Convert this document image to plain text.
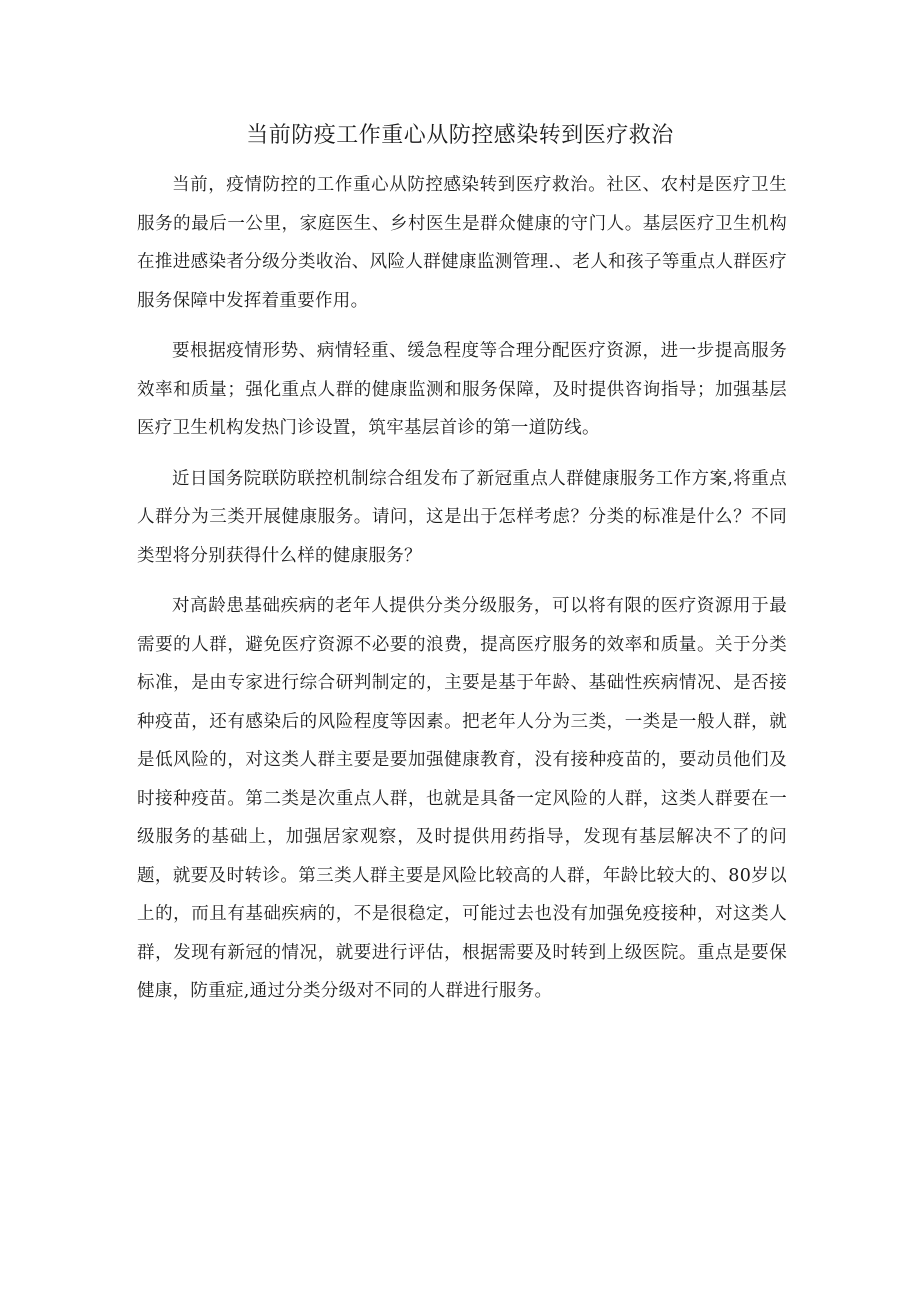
当前防疫工作重心从防控感染转到医疗救治

当前，疫情防控的工作重心从防控感染转到医疗救治。社区、农村是医疗卫生服务的最后一公里，家庭医生、乡村医生是群众健康的守门人。基层医疗卫生机构在推进感染者分级分类收治、风险人群健康监测管理.、老人和孩子等重点人群医疗服务保障中发挥着重要作用。

要根据疫情形势、病情轻重、缓急程度等合理分配医疗资源，进一步提高服务效率和质量；强化重点人群的健康监测和服务保障，及时提供咨询指导；加强基层医疗卫生机构发热门诊设置，筑牢基层首诊的第一道防线。

近日国务院联防联控机制综合组发布了新冠重点人群健康服务工作方案,将重点人群分为三类开展健康服务。请问，这是出于怎样考虑？分类的标准是什么？不同类型将分别获得什么样的健康服务？

对高龄患基础疾病的老年人提供分类分级服务，可以将有限的医疗资源用于最需要的人群，避免医疗资源不必要的浪费，提高医疗服务的效率和质量。关于分类标准，是由专家进行综合研判制定的，主要是基于年龄、基础性疾病情况、是否接种疫苗，还有感染后的风险程度等因素。把老年人分为三类，一类是一般人群，就是低风险的，对这类人群主要是要加强健康教育，没有接种疫苗的，要动员他们及时接种疫苗。第二类是次重点人群，也就是具备一定风险的人群，这类人群要在一级服务的基础上，加强居家观察，及时提供用药指导，发现有基层解决不了的问题，就要及时转诊。第三类人群主要是风险比较高的人群，年龄比较大的、80岁以上的，而且有基础疾病的，不是很稳定，可能过去也没有加强免疫接种，对这类人群，发现有新冠的情况，就要进行评估，根据需要及时转到上级医院。重点是要保健康，防重症,通过分类分级对不同的人群进行服务。
